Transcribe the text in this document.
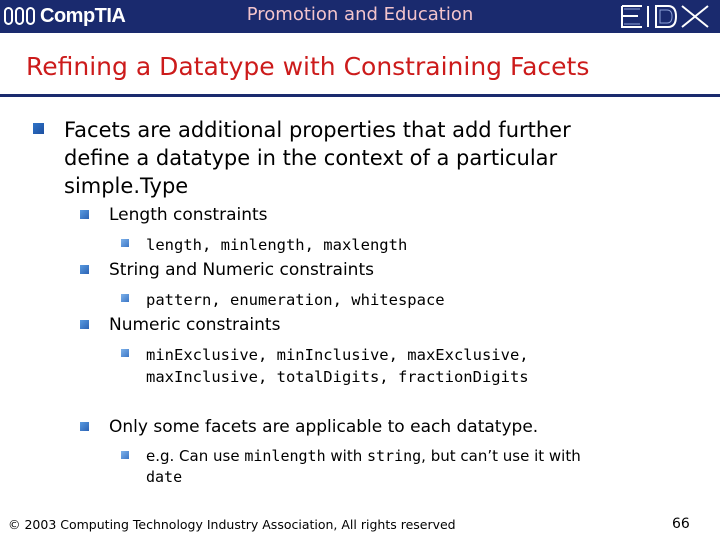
CompTIA	Promotion and Education
Refining a Datatype with Constraining Facets
Facets are additional properties that add further
define a datatype in the context of a particular
simple.Type
Length constraints
length, minlength, maxlength
String and Numeric constraints
pattern, enumeration, whitespace
Numeric constraints
minExclusive, minInclusive, maxExclusive,
maxInclusive, totalDigits, fractionDigits
Only some facets are applicable to each datatype.
e.g. Can use minlength with string, but can’t use it with
date
© 2003 Computing Technology Industry Association, All rights reserved	66
